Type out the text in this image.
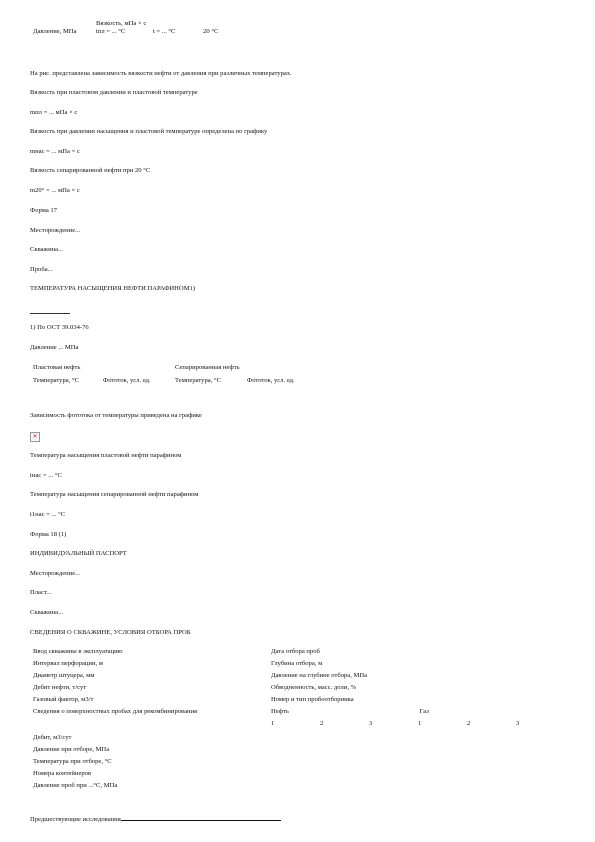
Давление, МПа
Вязкость, мПа × с
tпл = ... °С	t = ... °С	20 °С

На рис. представлена зависимость вязкости нефти от давления при различных температурах.

Вязкость при пластовом давлении и пластовой температуре

mпл = ... мПа × с

Вязкость при давлении насыщения и пластовой температуре определена по графику

mнас = ... мПа × с

Вязкость сепарированной нефти при 20 °С

m20° = ... мПа × с

Форма 17

Месторождение...

Скважина...

Проба...

ТЕМПЕРАТУРА НАСЫЩЕНИЯ НЕФТИ ПАРАФИНОМ1)

1) По ОСТ 39.034-76

Давление ... МПа

Пластовая нефть		Сепарированная нефть	
Температура, °С	Фототок, усл. ед.	Температура, °С	Фототок, усл. ед.

Зависимость фототока от температуры приведена на графике

✕

Температура насыщения пластовой нефти парафином

tнас = ... °С

Температура насыщения сепарированной нефти парафином

t1нас = ... °С

Форма 18 (1)

ИНДИВИДУАЛЬНЫЙ ПАСПОРТ

Месторождение...

Пласт...

Скважина...

СВЕДЕНИЯ О СКВАЖИНЕ, УСЛОВИЯ ОТБОРА ПРОБ

Ввод скважины в эксплуатацию	Дата отбора проб
Интервал перфорации, м	Глубина отбора, м
Диаметр штуцера, мм	Давление на глубине отбора, МПа
Дебит нефти, т/сут	Обводненность, масс. доли, %
Газовый фактор, м3/т	Номер и тип пробоотборника
Сведения о поверхностных пробах для рекомбинирования	Нефть Газ
	1 2 3 1 2 3
Дебит, м3/сут	
Давление при отборе, МПа	
Температура при отборе, °С	
Номера контейнеров	
Давление проб при ...°С, МПа	
Предшествующие исследования
